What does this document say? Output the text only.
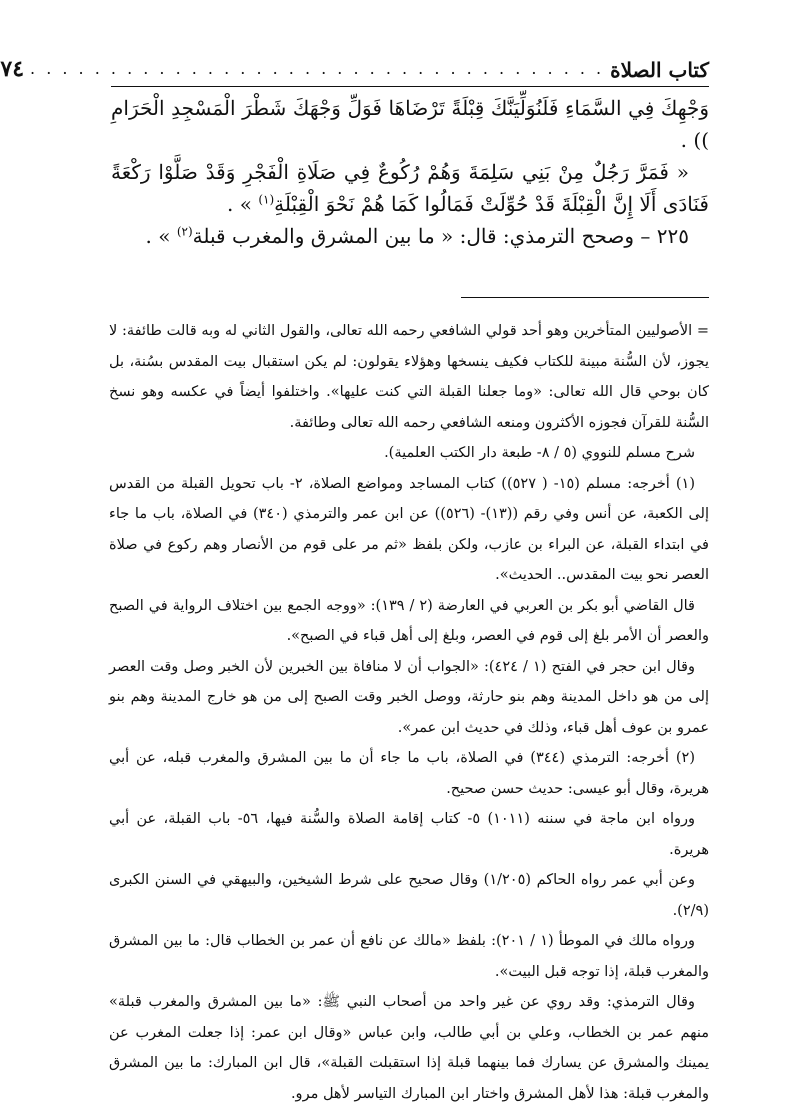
كتاب الصلاة
. . . . . . . . . . . . . . . . . . . . . . . . . . . . . . . . . . . .
٧٤

وَجْهِكَ فِي السَّمَاءِ فَلَنُوَلِّيَنَّكَ قِبْلَةً تَرْضَاهَا فَوَلِّ وَجْهَكَ شَطْرَ الْمَسْجِدِ الْحَرَامِ )) .

« فَمَرَّ رَجُلٌ مِنْ بَنِي سَلِمَةَ وَهُمْ رُكُوعٌ فِي صَلَاةِ الْفَجْرِ وَقَدْ صَلَّوْا رَكْعَةً فَنَادَى أَلَا إِنَّ الْقِبْلَةَ قَدْ حُوِّلَتْ فَمَالُوا كَمَا هُمْ نَحْوَ الْقِبْلَةِ$^{(١)}$ » .

٢٢٥ – وصحح الترمذي: قال: « ما بين المشرق والمغرب قبلة$^{(٢)}$ » .

= الأصوليين المتأخرين وهو أحد قولي الشافعي رحمه الله تعالى، والقول الثاني له وبه قالت طائفة: لا يجوز، لأن السُّنة مبينة للكتاب فكيف ينسخها وهؤلاء يقولون: لم يكن استقبال بيت المقدس بسُنة، بل كان بوحي قال الله تعالى: «وما جعلنا القبلة التي كنت عليها». واختلفوا أيضاً في عكسه وهو نسخ السُّنة للقرآن فجوزه الأكثرون ومنعه الشافعي رحمه الله تعالى وطائفة.

شرح مسلم للنووي (٥ / ٨- طبعة دار الكتب العلمية).

(١) أخرجه: مسلم (١٥- ( ٥٢٧)) كتاب المساجد ومواضع الصلاة، ٢- باب تحويل القبلة من القدس إلى الكعبة، عن أنس وفي رقم ((١٣)- (٥٢٦)) عن ابن عمر والترمذي (٣٤٠) في الصلاة، باب ما جاء في ابتداء القبلة، عن البراء بن عازب، ولكن بلفظ «ثم مر على قوم من الأنصار وهم ركوع في صلاة العصر نحو بيت المقدس.. الحديث».

قال القاضي أبو بكر بن العربي في العارضة (٢ / ١٣٩): «ووجه الجمع بين اختلاف الرواية في الصبح والعصر أن الأمر بلغ إلى قوم في العصر، وبلغ إلى أهل قباء في الصبح».

وقال ابن حجر في الفتح (١ / ٤٢٤): «الجواب أن لا منافاة بين الخبرين لأن الخبر وصل وقت العصر إلى من هو داخل المدينة وهم بنو حارثة، ووصل الخبر وقت الصبح إلى من هو خارج المدينة وهم بنو عمرو بن عوف أهل قباء، وذلك في حديث ابن عمر».

(٢) أخرجه: الترمذي (٣٤٤) في الصلاة، باب ما جاء أن ما بين المشرق والمغرب قبله، عن أبي هريرة، وقال أبو عيسى: حديث حسن صحيح.

ورواه ابن ماجة في سننه (١٠١١) ٥- كتاب إقامة الصلاة والسُّنة فيها، ٥٦- باب القبلة، عن أبي هريرة.

وعن أبي عمر رواه الحاكم (١/٢٠٥) وقال صحيح على شرط الشيخين، والبيهقي في السنن الكبرى (٢/٩).

ورواه مالك في الموطأ (١ / ٢٠١): بلفظ «مالك عن نافع أن عمر بن الخطاب قال: ما بين المشرق والمغرب قبلة، إذا توجه قبل البيت».

وقال الترمذي: وقد روي عن غير واحد من أصحاب النبي ﷺ: «ما بين المشرق والمغرب قبلة» منهم عمر بن الخطاب، وعلي بن أبي طالب، وابن عباس «وقال ابن عمر: إذا جعلت المغرب عن يمينك والمشرق عن يسارك فما بينهما قبلة إذا استقبلت القبلة»، قال ابن المبارك: ما بين المشرق والمغرب قبلة: هذا لأهل المشرق واختار ابن المبارك التياسر لأهل مرو.
